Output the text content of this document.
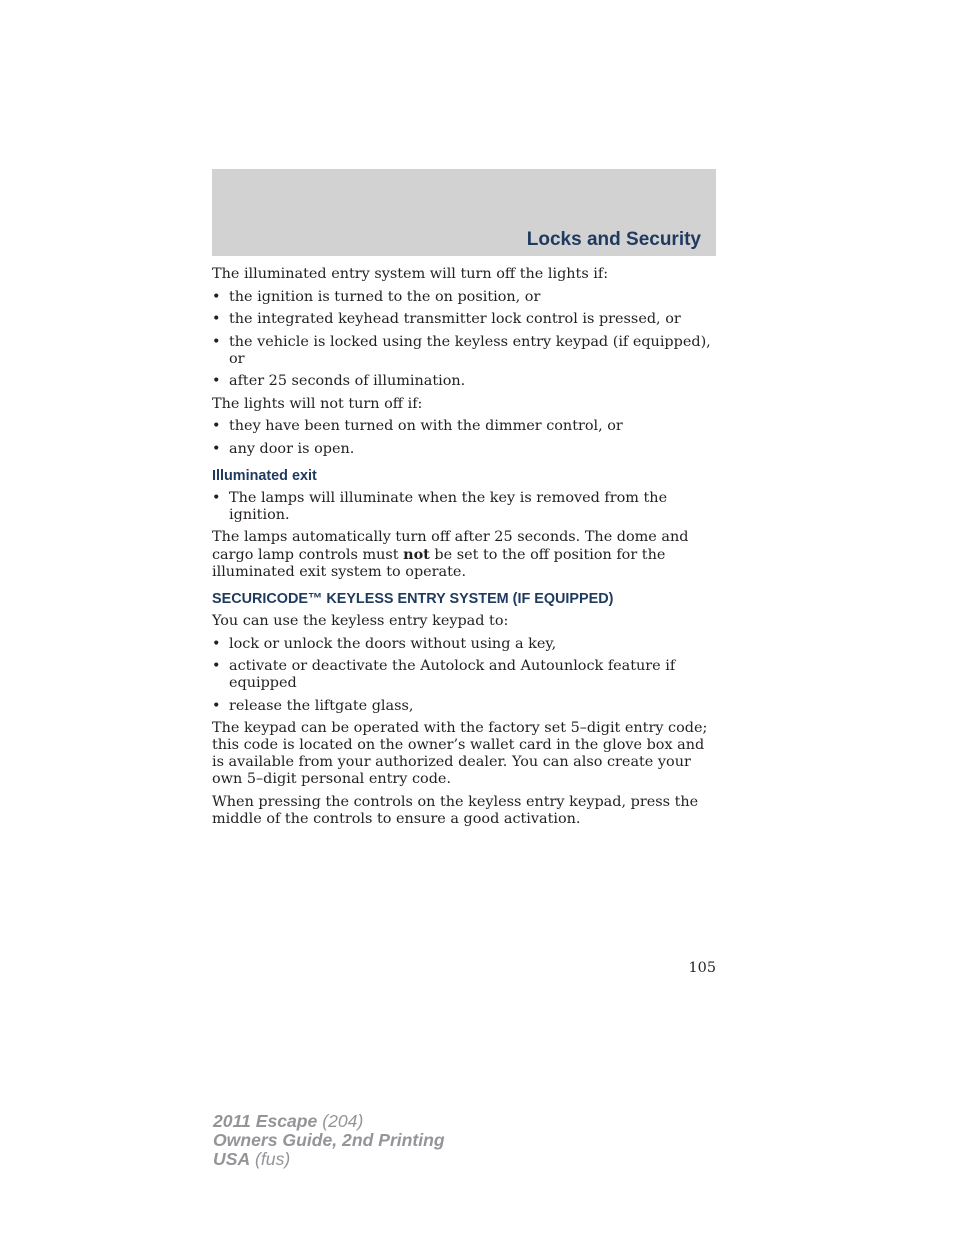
Locks and Security

The illuminated entry system will turn off the lights if:

• the ignition is turned to the on position, or
• the integrated keyhead transmitter lock control is pressed, or
• the vehicle is locked using the keyless entry keypad (if equipped), or
• after 25 seconds of illumination.

The lights will not turn off if:

• they have been turned on with the dimmer control, or
• any door is open.
Illuminated exit
• The lamps will illuminate when the key is removed from the ignition.

The lamps automatically turn off after 25 seconds. The dome and cargo lamp controls must not be set to the off position for the illuminated exit system to operate.

SECURICODE™ KEYLESS ENTRY SYSTEM (IF EQUIPPED)

You can use the keyless entry keypad to:

• lock or unlock the doors without using a key,
• activate or deactivate the Autolock and Autounlock feature if equipped
• release the liftgate glass,

The keypad can be operated with the factory set 5–digit entry code; this code is located on the owner’s wallet card in the glove box and is available from your authorized dealer. You can also create your own 5–digit personal entry code.

When pressing the controls on the keyless entry keypad, press the middle of the controls to ensure a good activation.

105
2011 Escape (204)
Owners Guide, 2nd Printing
USA (fus)
